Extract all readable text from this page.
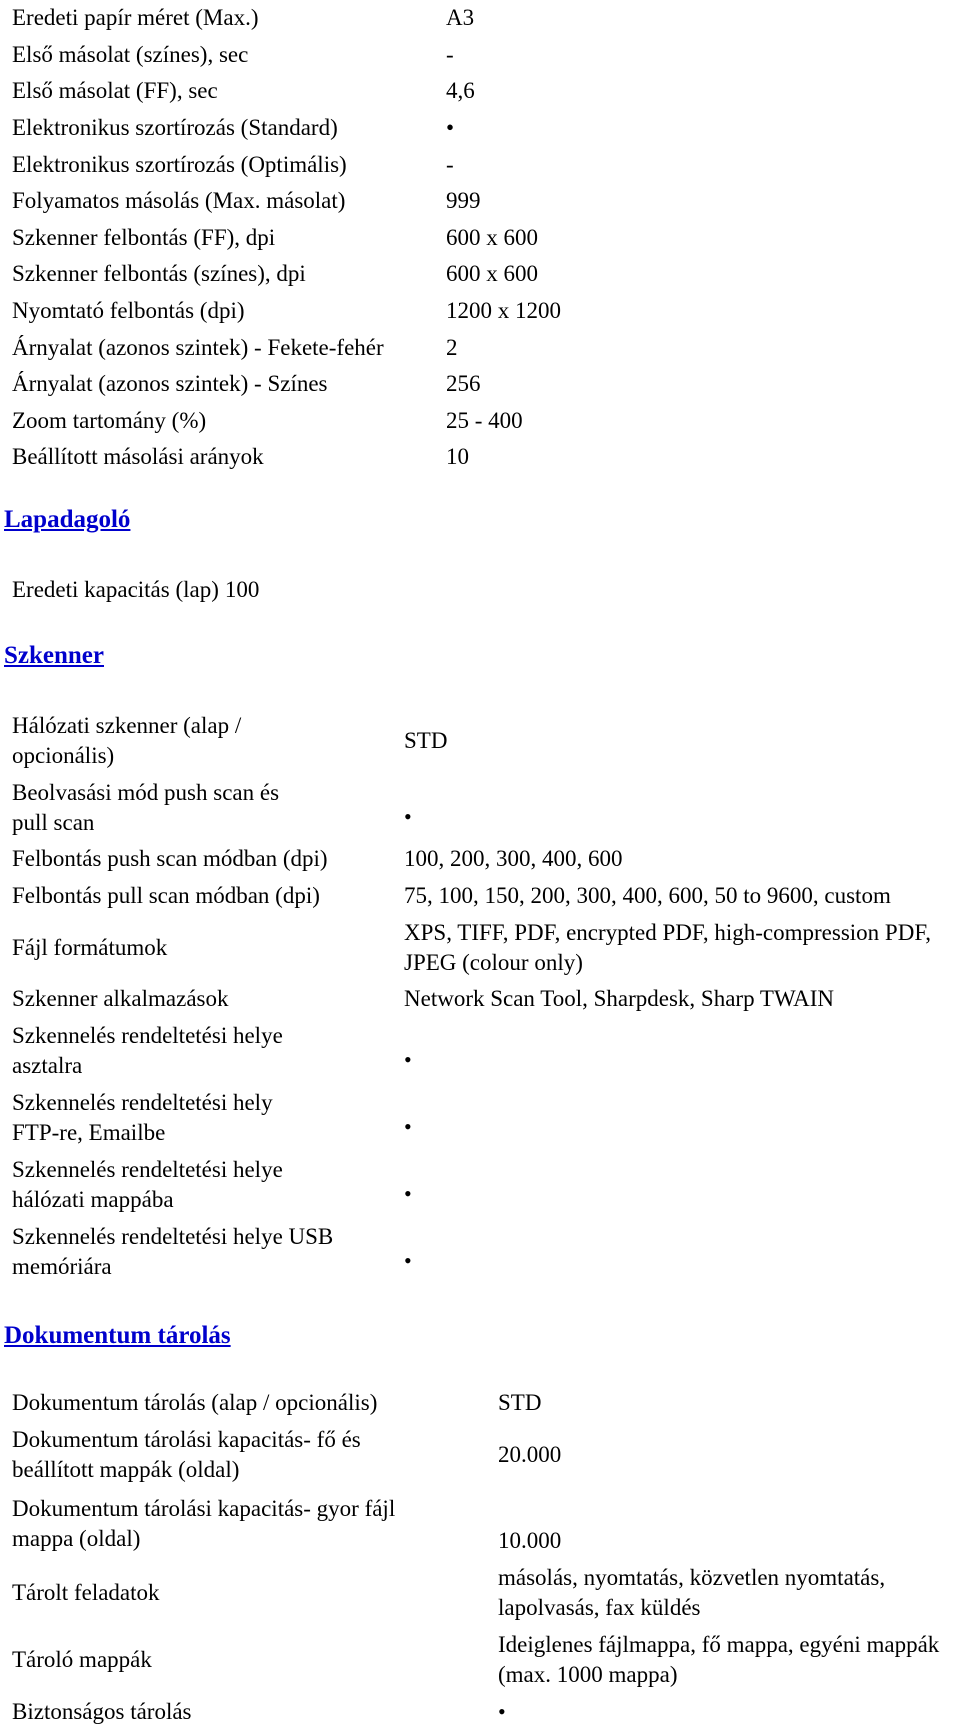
Eredeti papír méret (Max.)	A3
Első másolat (színes), sec	-
Első másolat (FF), sec	4,6
Elektronikus szortírozás (Standard)	•
Elektronikus szortírozás (Optimális)	-
Folyamatos másolás (Max. másolat)	999
Szkenner felbontás (FF), dpi	600 x 600
Szkenner felbontás (színes), dpi	600 x 600
Nyomtató felbontás (dpi)	1200 x 1200
Árnyalat (azonos szintek) - Fekete-fehér	2
Árnyalat (azonos szintek) - Színes	256
Zoom tartomány (%)	25 - 400
Beállított másolási arányok	10
Lapadagoló
Eredeti kapacitás (lap)	100
Szkenner
Hálózati szkenner (alap / opcionális)	STD
Beolvasási mód push scan és pull scan	•
Felbontás push scan módban (dpi)	100, 200, 300, 400, 600
Felbontás pull scan módban (dpi)	75, 100, 150, 200, 300, 400, 600, 50 to 9600, custom
Fájl formátumok	XPS, TIFF, PDF, encrypted PDF, high-compression PDF, JPEG (colour only)
Szkenner alkalmazások	Network Scan Tool, Sharpdesk, Sharp TWAIN
Szkennelés rendeltetési helye asztalra	•
Szkennelés rendeltetési hely FTP-re, Emailbe	•
Szkennelés rendeltetési helye hálózati mappába	•
Szkennelés rendeltetési helye USB memóriára	•
Dokumentum tárolás
Dokumentum tárolás (alap / opcionális)	STD
Dokumentum tárolási kapacitás- fő és beállított mappák (oldal)	20.000
Dokumentum tárolási kapacitás- gyor fájl mappa (oldal)	10.000
Tárolt feladatok	másolás, nyomtatás, közvetlen nyomtatás, lapolvasás, fax küldés
Tároló mappák	Ideiglenes fájlmappa, fő mappa, egyéni mappák (max. 1000 mappa)
Biztonságos tárolás	•
